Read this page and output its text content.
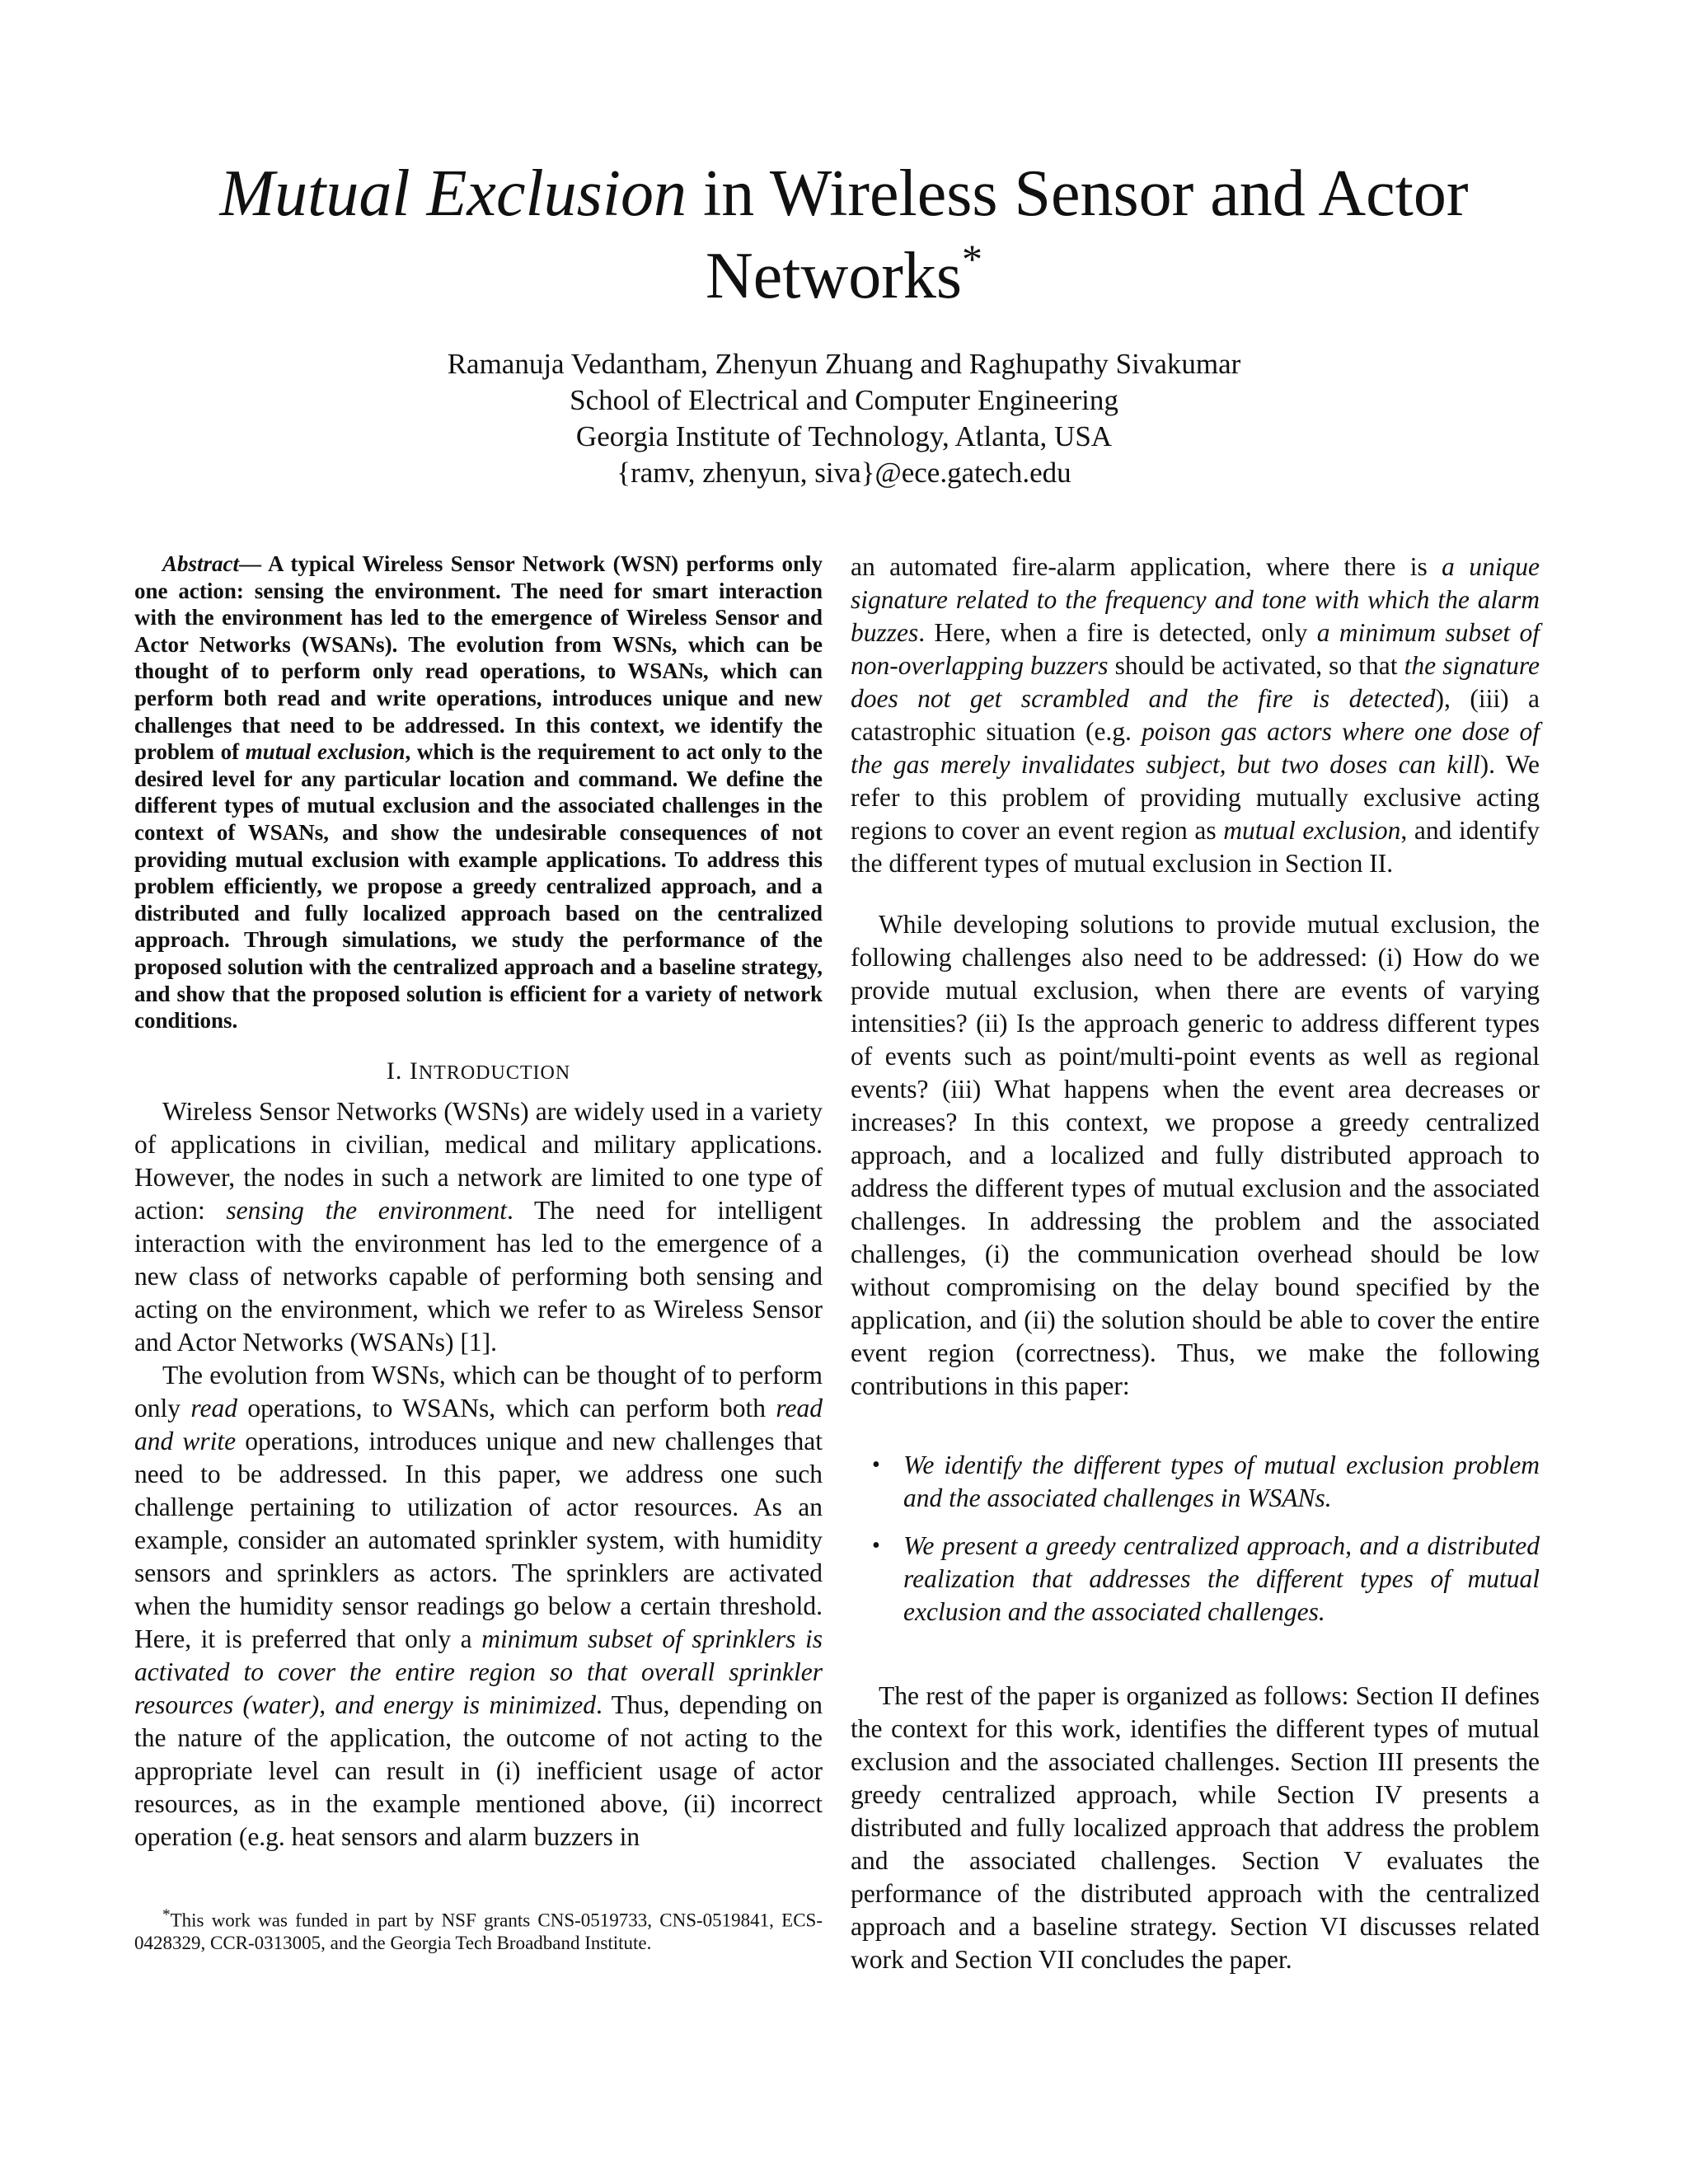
Mutual Exclusion in Wireless Sensor and Actor Networks*
Ramanuja Vedantham, Zhenyun Zhuang and Raghupathy Sivakumar
School of Electrical and Computer Engineering
Georgia Institute of Technology, Atlanta, USA
{ramv, zhenyun, siva}@ece.gatech.edu

Abstract— A typical Wireless Sensor Network (WSN) performs only one action: sensing the environment. The need for smart interaction with the environment has led to the emergence of Wireless Sensor and Actor Networks (WSANs). The evolution from WSNs, which can be thought of to perform only read operations, to WSANs, which can perform both read and write operations, introduces unique and new challenges that need to be addressed. In this context, we identify the problem of mutual exclusion, which is the requirement to act only to the desired level for any particular location and command. We define the different types of mutual exclusion and the associated challenges in the context of WSANs, and show the undesirable consequences of not providing mutual exclusion with example applications. To address this problem efficiently, we propose a greedy centralized approach, and a distributed and fully localized approach based on the centralized approach. Through simulations, we study the performance of the proposed solution with the centralized approach and a baseline strategy, and show that the proposed solution is efficient for a variety of network conditions.

I. INTRODUCTION

Wireless Sensor Networks (WSNs) are widely used in a variety of applications in civilian, medical and military applications. However, the nodes in such a network are limited to one type of action: sensing the environment. The need for intelligent interaction with the environment has led to the emergence of a new class of networks capable of performing both sensing and acting on the environment, which we refer to as Wireless Sensor and Actor Networks (WSANs) [1].

The evolution from WSNs, which can be thought of to perform only read operations, to WSANs, which can perform both read and write operations, introduces unique and new challenges that need to be addressed. In this paper, we address one such challenge pertaining to utilization of actor resources. As an example, consider an automated sprinkler system, with humidity sensors and sprinklers as actors. The sprinklers are activated when the humidity sensor readings go below a certain threshold. Here, it is preferred that only a minimum subset of sprinklers is activated to cover the entire region so that overall sprinkler resources (water), and energy is minimized. Thus, depending on the nature of the application, the outcome of not acting to the appropriate level can result in (i) inefficient usage of actor resources, as in the example mentioned above, (ii) incorrect operation (e.g. heat sensors and alarm buzzers in

an automated fire-alarm application, where there is a unique signature related to the frequency and tone with which the alarm buzzes. Here, when a fire is detected, only a minimum subset of non-overlapping buzzers should be activated, so that the signature does not get scrambled and the fire is detected), (iii) a catastrophic situation (e.g. poison gas actors where one dose of the gas merely invalidates subject, but two doses can kill). We refer to this problem of providing mutually exclusive acting regions to cover an event region as mutual exclusion, and identify the different types of mutual exclusion in Section II.

While developing solutions to provide mutual exclusion, the following challenges also need to be addressed: (i) How do we provide mutual exclusion, when there are events of varying intensities? (ii) Is the approach generic to address different types of events such as point/multi-point events as well as regional events? (iii) What happens when the event area decreases or increases? In this context, we propose a greedy centralized approach, and a localized and fully distributed approach to address the different types of mutual exclusion and the associated challenges. In addressing the problem and the associated challenges, (i) the communication overhead should be low without compromising on the delay bound specified by the application, and (ii) the solution should be able to cover the entire event region (correctness). Thus, we make the following contributions in this paper:

• We identify the different types of mutual exclusion problem and the associated challenges in WSANs.
• We present a greedy centralized approach, and a distributed realization that addresses the different types of mutual exclusion and the associated challenges.

The rest of the paper is organized as follows: Section II defines the context for this work, identifies the different types of mutual exclusion and the associated challenges. Section III presents the greedy centralized approach, while Section IV presents a distributed and fully localized approach that address the problem and the associated challenges. Section V evaluates the performance of the distributed approach with the centralized approach and a baseline strategy. Section VI discusses related work and Section VII concludes the paper.

*This work was funded in part by NSF grants CNS-0519733, CNS-0519841, ECS-0428329, CCR-0313005, and the Georgia Tech Broadband Institute.
